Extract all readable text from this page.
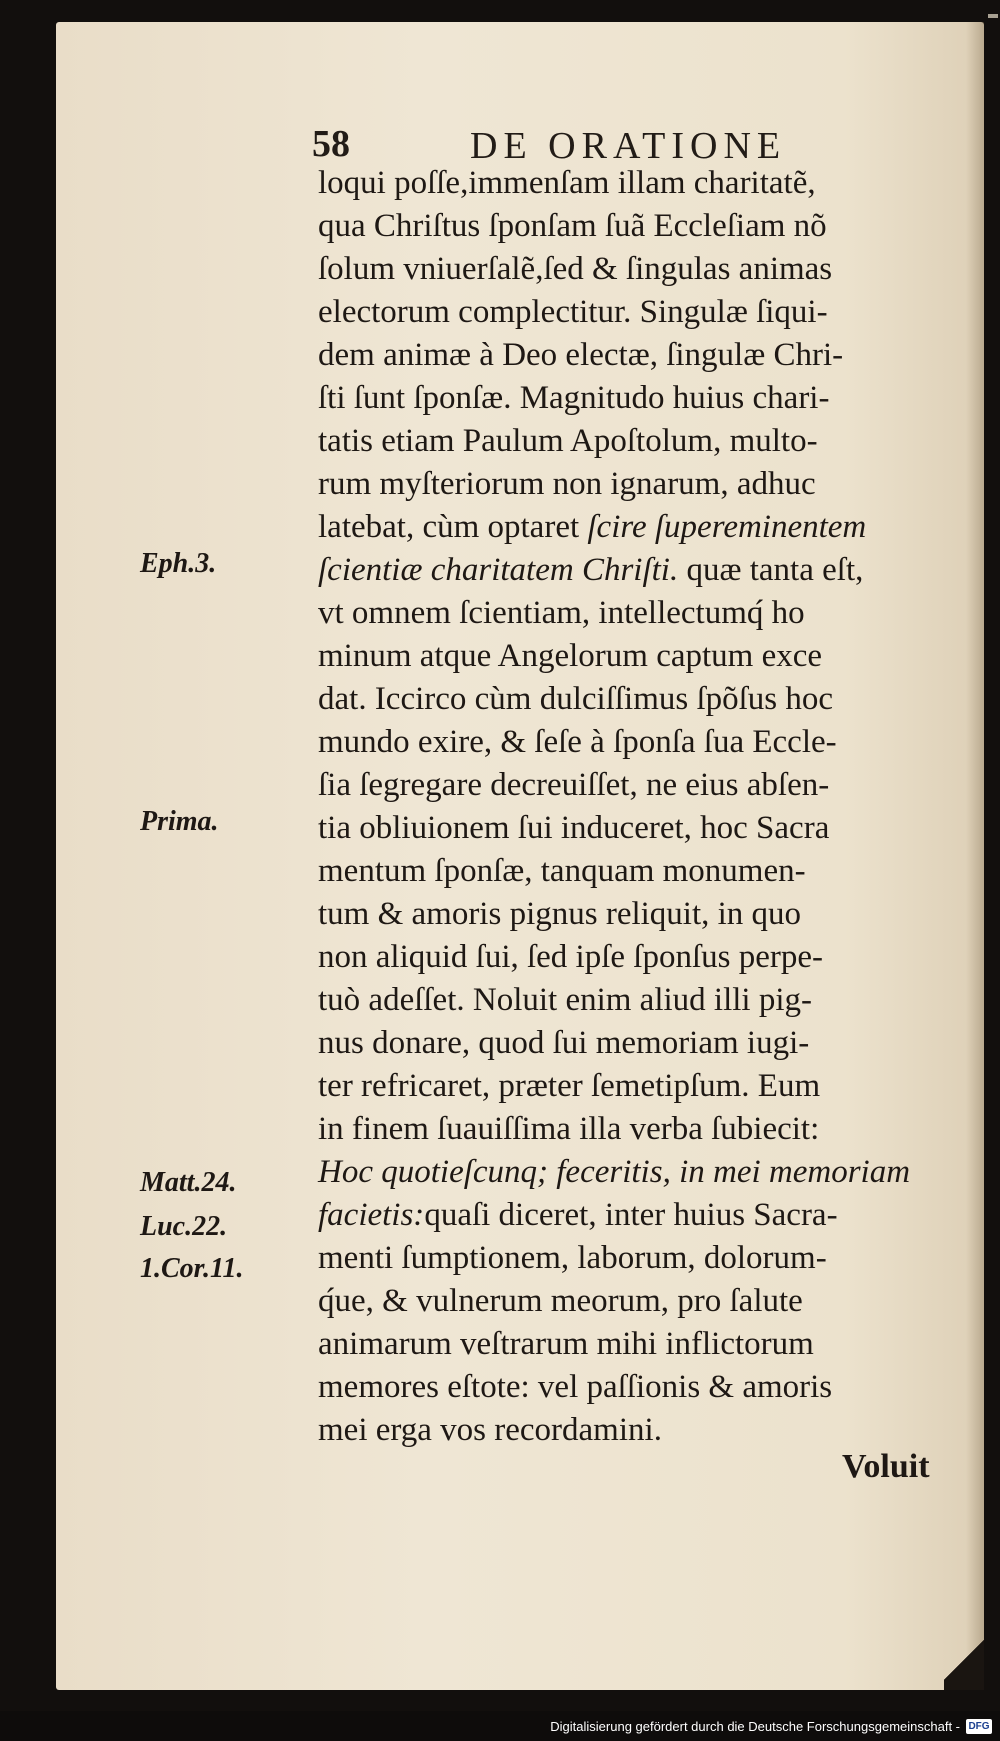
58	DE ORATIONE
loqui poſſe,immenſam illam charitatẽ,
qua Chriſtus ſponſam ſuã Eccleſiam nõ
ſolum vniuerſalẽ,ſed & ſingulas animas
electorum complectitur. Singulæ ſiqui-
dem animæ à Deo electæ, ſingulæ Chri-
ſti ſunt ſponſæ. Magnitudo huius chari-
tatis etiam Paulum Apoſtolum, multo-
rum myſteriorum non ignarum, adhuc
latebat, cùm optaret ſcire ſupereminentem
ſcientiæ charitatem Chriſti. quæ tanta eſt,
vt omnem ſcientiam, intellectumq́ ho
minum atque Angelorum captum exce
dat. Iccirco cùm dulciſſimus ſpõſus hoc
mundo exire, & ſeſe à ſponſa ſua Eccle-
ſia ſegregare decreuiſſet, ne eius abſen-
tia obliuionem ſui induceret, hoc Sacra
mentum ſponſæ, tanquam monumen-
tum & amoris pignus reliquit, in quo
non aliquid ſui, ſed ipſe ſponſus perpe-
tuò adeſſet. Noluit enim aliud illi pig-
nus donare, quod ſui memoriam iugi-
ter refricaret, præter ſemetipſum. Eum
in finem ſuauiſſima illa verba ſubiecit:
Hoc quotieſcunq; feceritis, in mei memoriam
facietis:quaſi diceret, inter huius Sacra-
menti ſumptionem, laborum, dolorum-
q́ue, & vulnerum meorum, pro ſalute
animarum veſtrarum mihi inflictorum
memores eſtote: vel paſſionis & amoris
mei erga vos recordamini.
Eph.3.
Prima.
Matt.24.
Luc.22.
1.Cor.11.
Voluit
Digitalisierung gefördert durch die Deutsche Forschungsgemeinschaft - DFG
